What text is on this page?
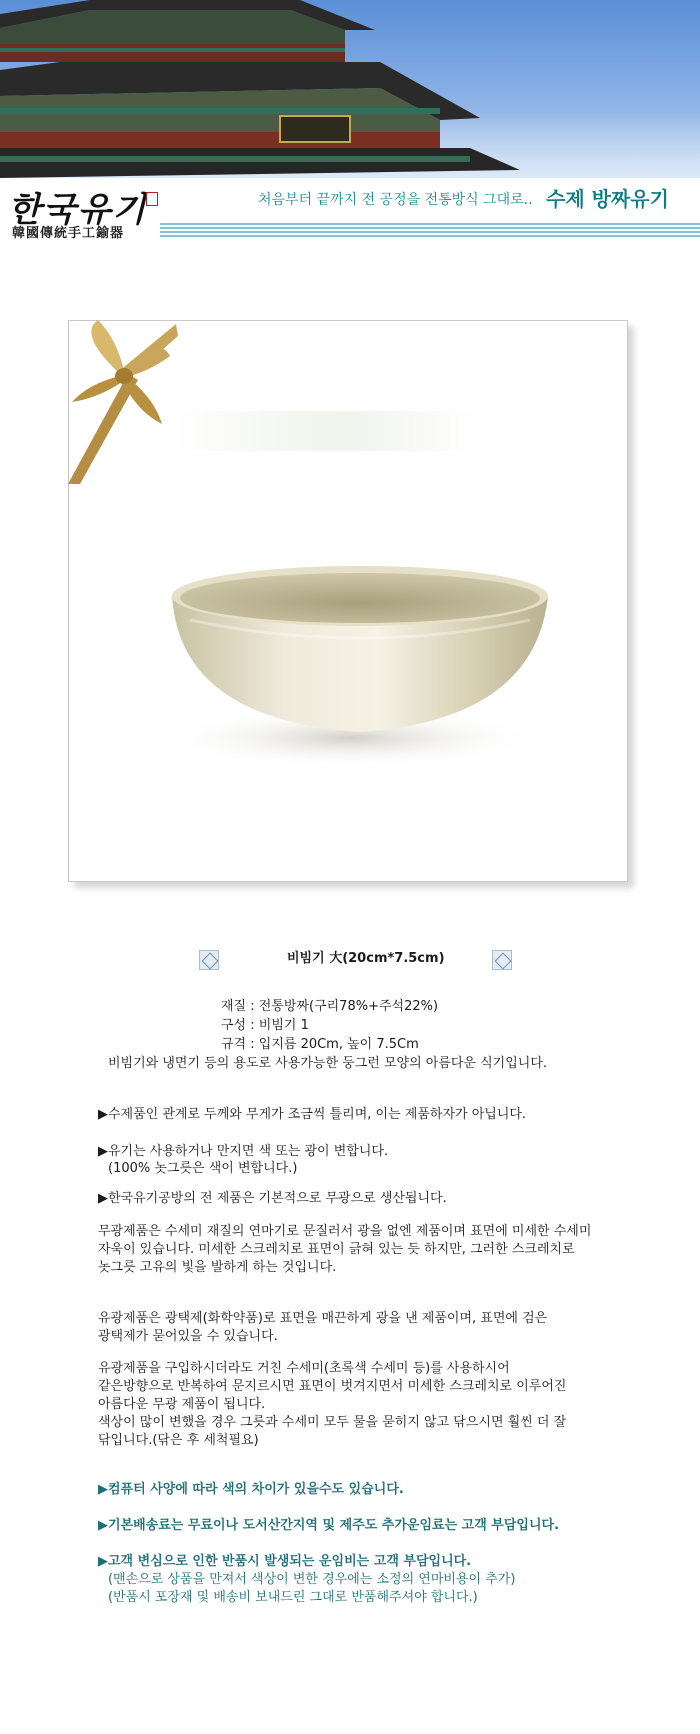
한국유기
韓國傳統手工鍮器
처음부터 끝까지 전 공정을 전통방식 그대로.. 수제 방짜유기
비빔기 大(20cm*7.5cm)
재질 : 전통방짜(구리78%+주석22%)
구성 : 비빔기 1
규격 : 입지름 20Cm, 높이 7.5Cm
비빔기와 냉면기 등의 용도로 사용가능한 둥그런 모양의 아름다운 식기입니다.
▶수제품인 관계로 두께와 무게가 조금씩 틀리며, 이는 제품하자가 아닙니다.
▶유기는 사용하거나 만지면 색 또는 광이 변합니다.
(100% 놋그릇은 색이 변합니다.)
▶한국유기공방의 전 제품은 기본적으로 무광으로 생산됩니다.
무광제품은 수세미 재질의 연마기로 문질러서 광을 없엔 제품이며 표면에 미세한 수세미
자욱이 있습니다. 미세한 스크레치로 표면이 긁혀 있는 듯 하지만, 그러한 스크레치로
놋그릇 고유의 빛을 발하게 하는 것입니다.
유광제품은 광택제(화학약품)로 표면을 매끈하게 광을 낸 제품이며, 표면에 검은
광택제가 묻어있을 수 있습니다.
유광제품을 구입하시더라도 거친 수세미(초록색 수세미 등)를 사용하시어
같은방향으로 반복하여 문지르시면 표면이 벗겨지면서 미세한 스크레치로 이루어진
아름다운 무광 제품이 됩니다.
색상이 많이 변했을 경우 그릇과 수세미 모두 물을 묻히지 않고 닦으시면 훨씬 더 잘
닦입니다.(닦은 후 세척필요)
▶컴퓨터 사양에 따라 색의 차이가 있을수도 있습니다.
▶기본배송료는 무료이나 도서산간지역 및 제주도 추가운임료는 고객 부담입니다.
▶고객 변심으로 인한 반품시 발생되는 운임비는 고객 부담입니다.
(맨손으로 상품을 만져서 색상이 변한 경우에는 소정의 연마비용이 추가)
(반품시 포장재 및 배송비 보내드린 그대로 반품해주셔야 합니다.)
